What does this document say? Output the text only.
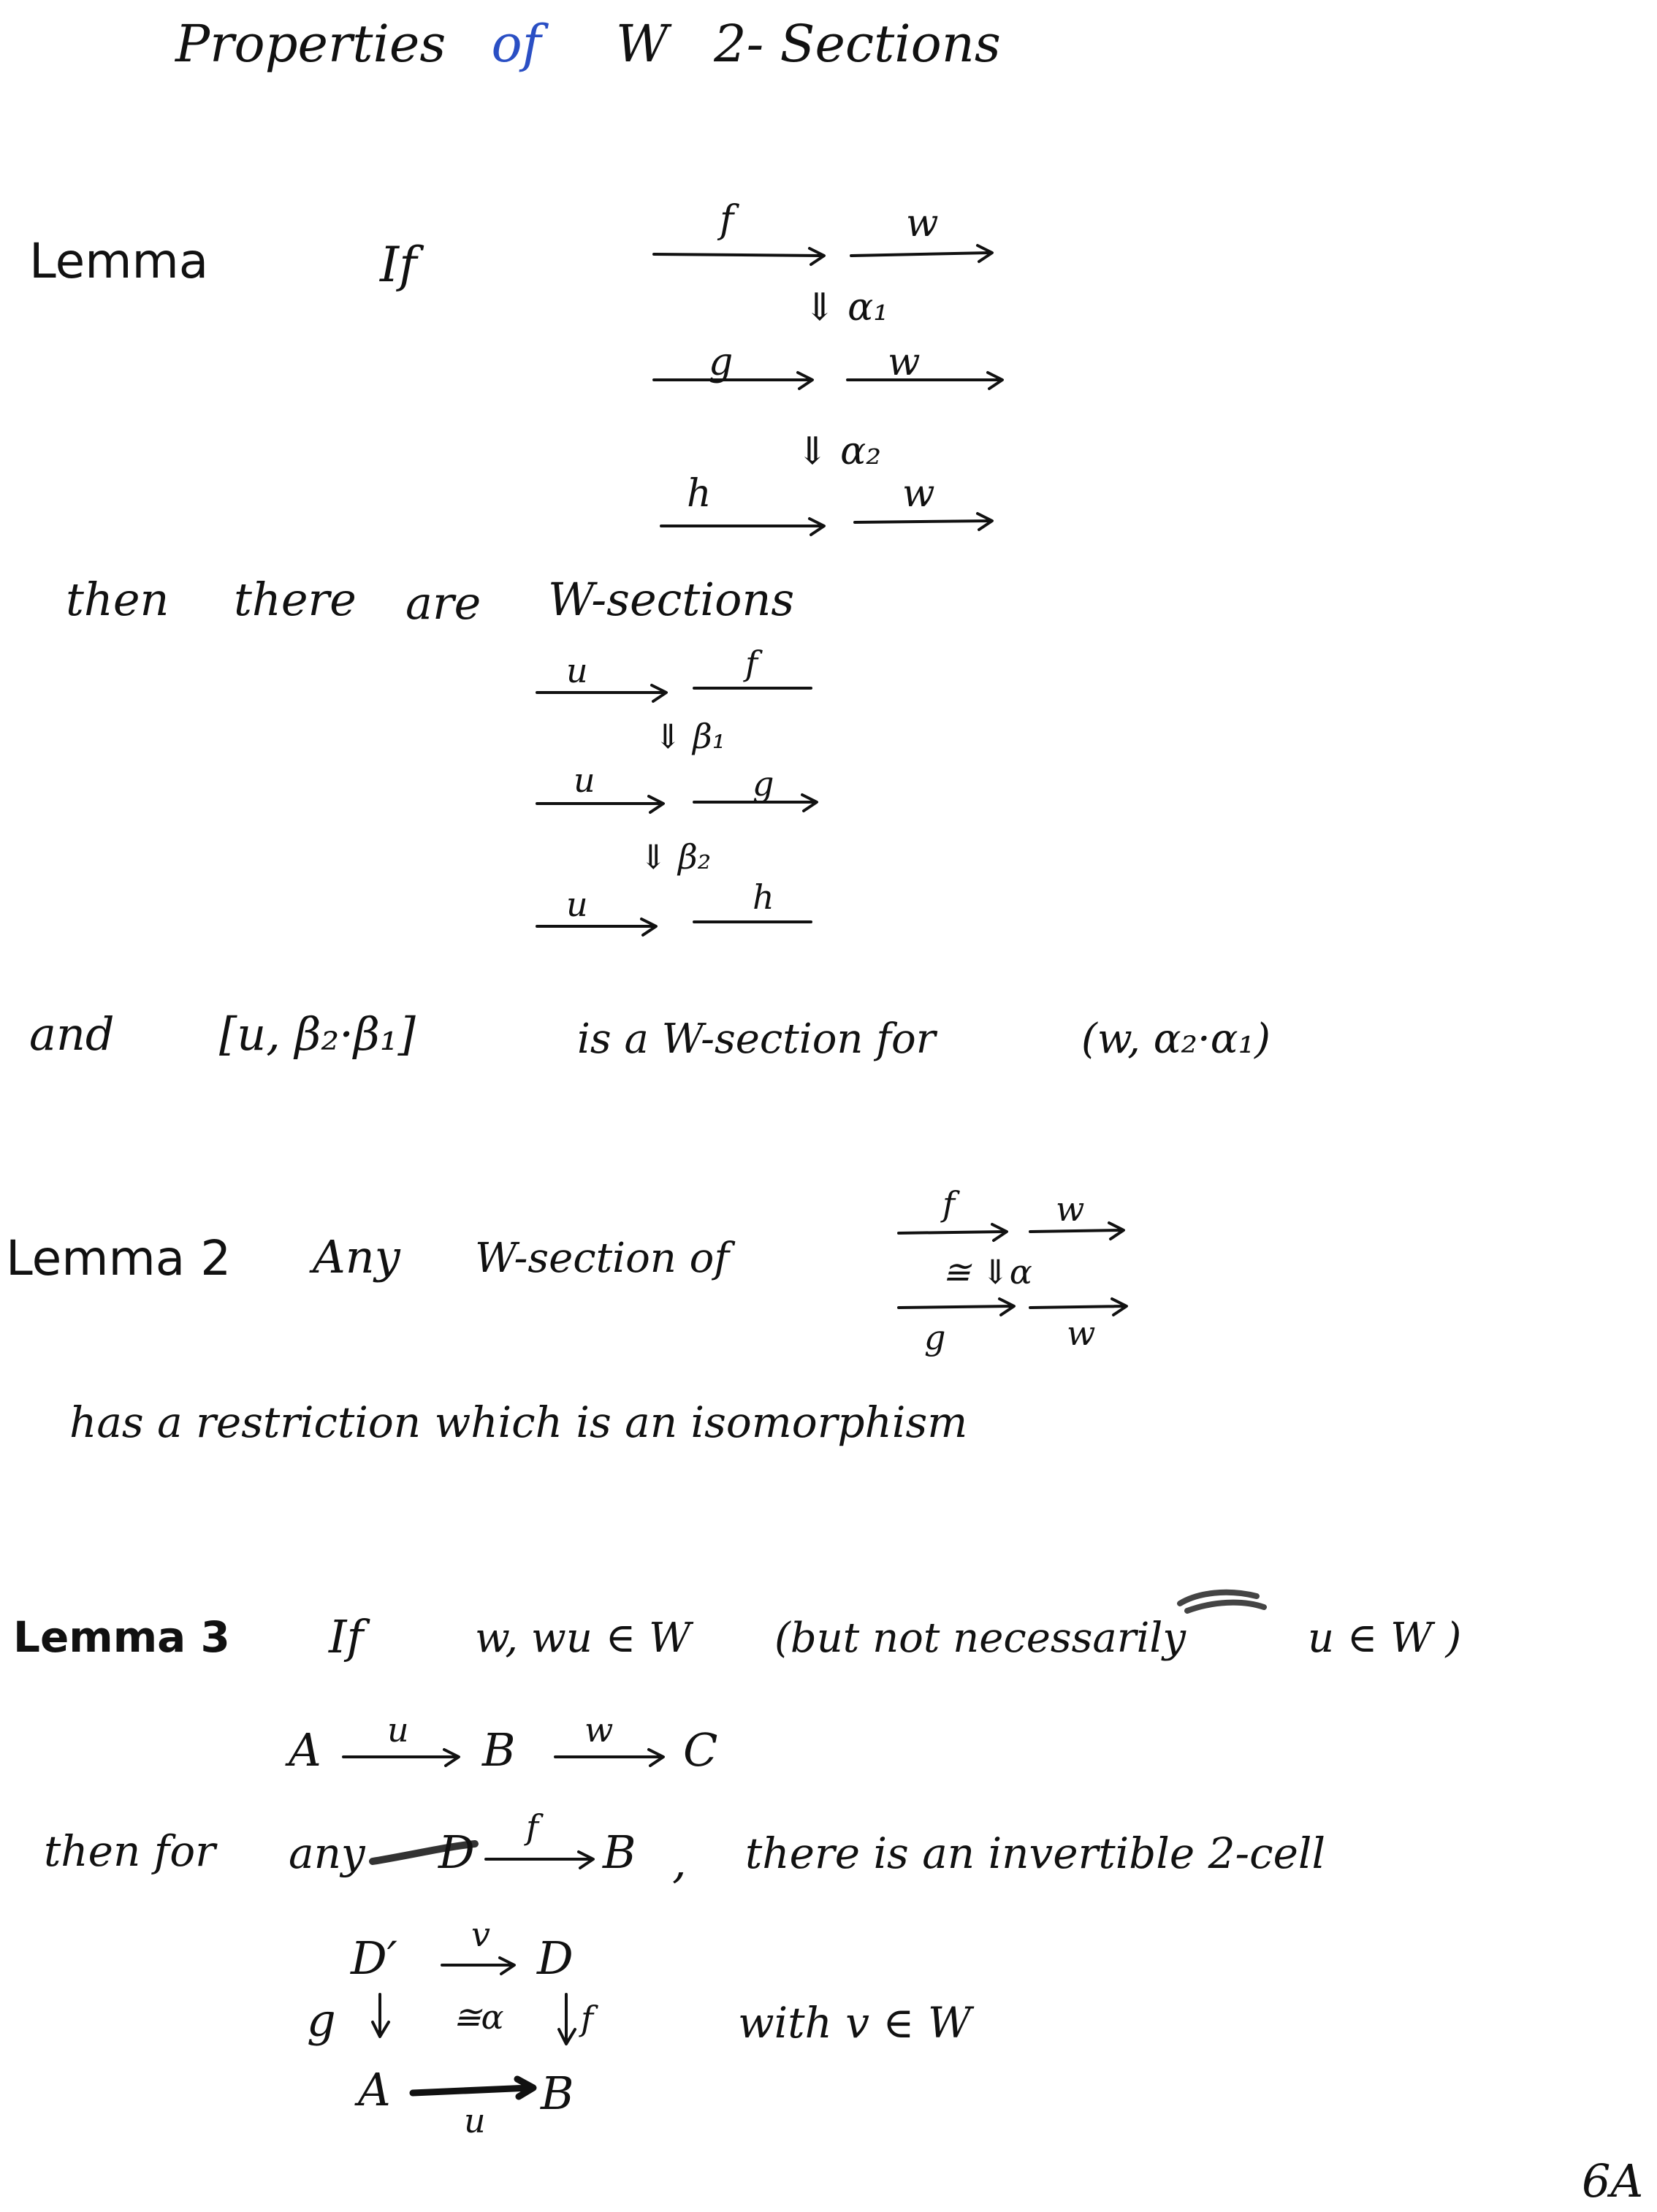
Properties of W 2- Sections
Lemma	If
f	w
⇓ α₁
g	w
⇓ α₂
h	w
then there are W-sections
u	f
⇓ β₁
u	g
⇓ β₂
u	h
and [u, β₂·β₁]	is a W-section for	(w, α₂·α₁)
Lemma 2 Any W-section of
f	w
≅ ⇓α
g	w
has a restriction which is an isomorphism
Lemma 3 If	w, wu ∈ W (but not necessarily	u ∈ W )
A u B w C
then for any D f B , there is an invertible 2-cell
D′ v D
g	≅α f
A
u
B
with v ∈ W
6A
